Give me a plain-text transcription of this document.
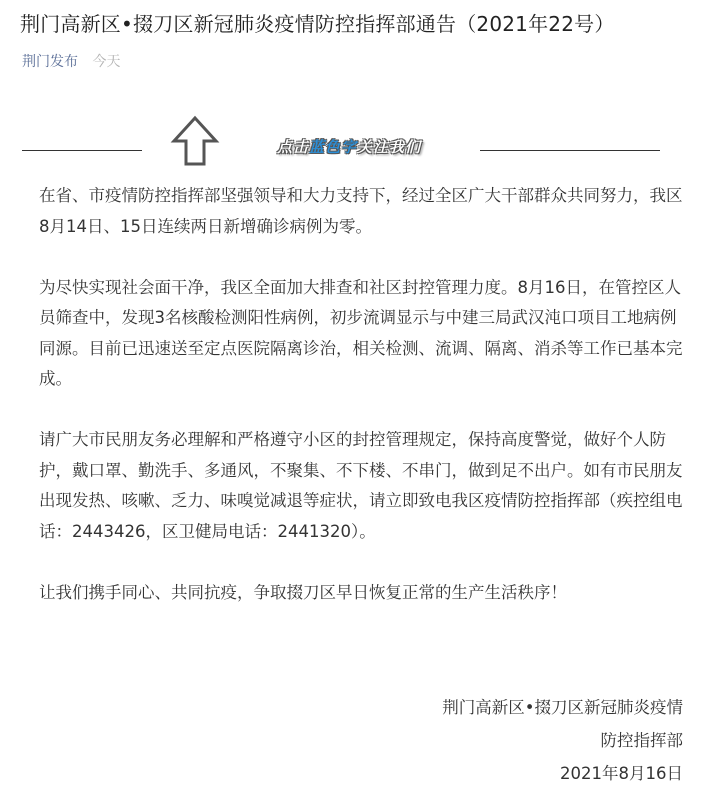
荆门高新区•掇刀区新冠肺炎疫情防控指挥部通告（2021年22号）
荆门发布 今天
点击蓝色字关注我们

在省、市疫情防控指挥部坚强领导和大力支持下，经过全区广大干部群众共同努力，我区8月14日、15日连续两日新增确诊病例为零。

为尽快实现社会面干净，我区全面加大排查和社区封控管理力度。8月16日，在管控区人员筛查中，发现3名核酸检测阳性病例，初步流调显示与中建三局武汉沌口项目工地病例同源。目前已迅速送至定点医院隔离诊治，相关检测、流调、隔离、消杀等工作已基本完成。

请广大市民朋友务必理解和严格遵守小区的封控管理规定，保持高度警觉，做好个人防护，戴口罩、勤洗手、多通风，不聚集、不下楼、不串门，做到足不出户。如有市民朋友出现发热、咳嗽、乏力、味嗅觉减退等症状，请立即致电我区疫情防控指挥部（疾控组电话：2443426，区卫健局电话：2441320）。

让我们携手同心、共同抗疫，争取掇刀区早日恢复正常的生产生活秩序！

荆门高新区•掇刀区新冠肺炎疫情
防控指挥部
2021年8月16日
